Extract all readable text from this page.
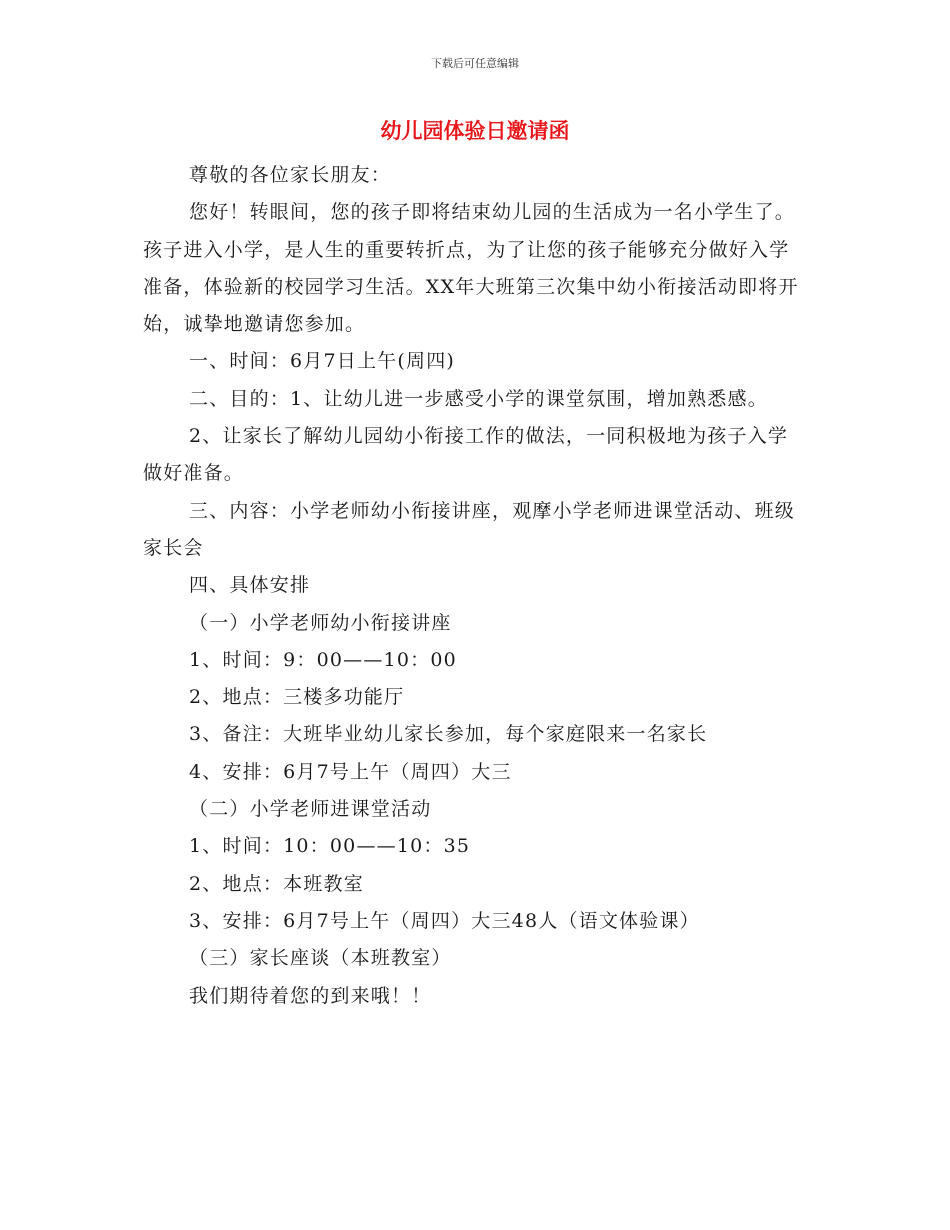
下载后可任意编辑
幼儿园体验日邀请函

尊敬的各位家长朋友：

您好！转眼间，您的孩子即将结束幼儿园的生活成为一名小学生了。孩子进入小学，是人生的重要转折点，为了让您的孩子能够充分做好入学准备，体验新的校园学习生活。XX年大班第三次集中幼小衔接活动即将开始，诚挚地邀请您参加。

一、时间：6月7日上午(周四)

二、目的：1、让幼儿进一步感受小学的课堂氛围，增加熟悉感。

2、让家长了解幼儿园幼小衔接工作的做法，一同积极地为孩子入学做好准备。

三、内容：小学老师幼小衔接讲座，观摩小学老师进课堂活动、班级家长会

四、具体安排

（一）小学老师幼小衔接讲座

1、时间：9：00——10：00

2、地点：三楼多功能厅

3、备注：大班毕业幼儿家长参加，每个家庭限来一名家长

4、安排：6月7号上午（周四）大三

（二）小学老师进课堂活动

1、时间：10：00——10：35

2、地点：本班教室

3、安排：6月7号上午（周四）大三48人（语文体验课）

（三）家长座谈（本班教室）

我们期待着您的到来哦！！
